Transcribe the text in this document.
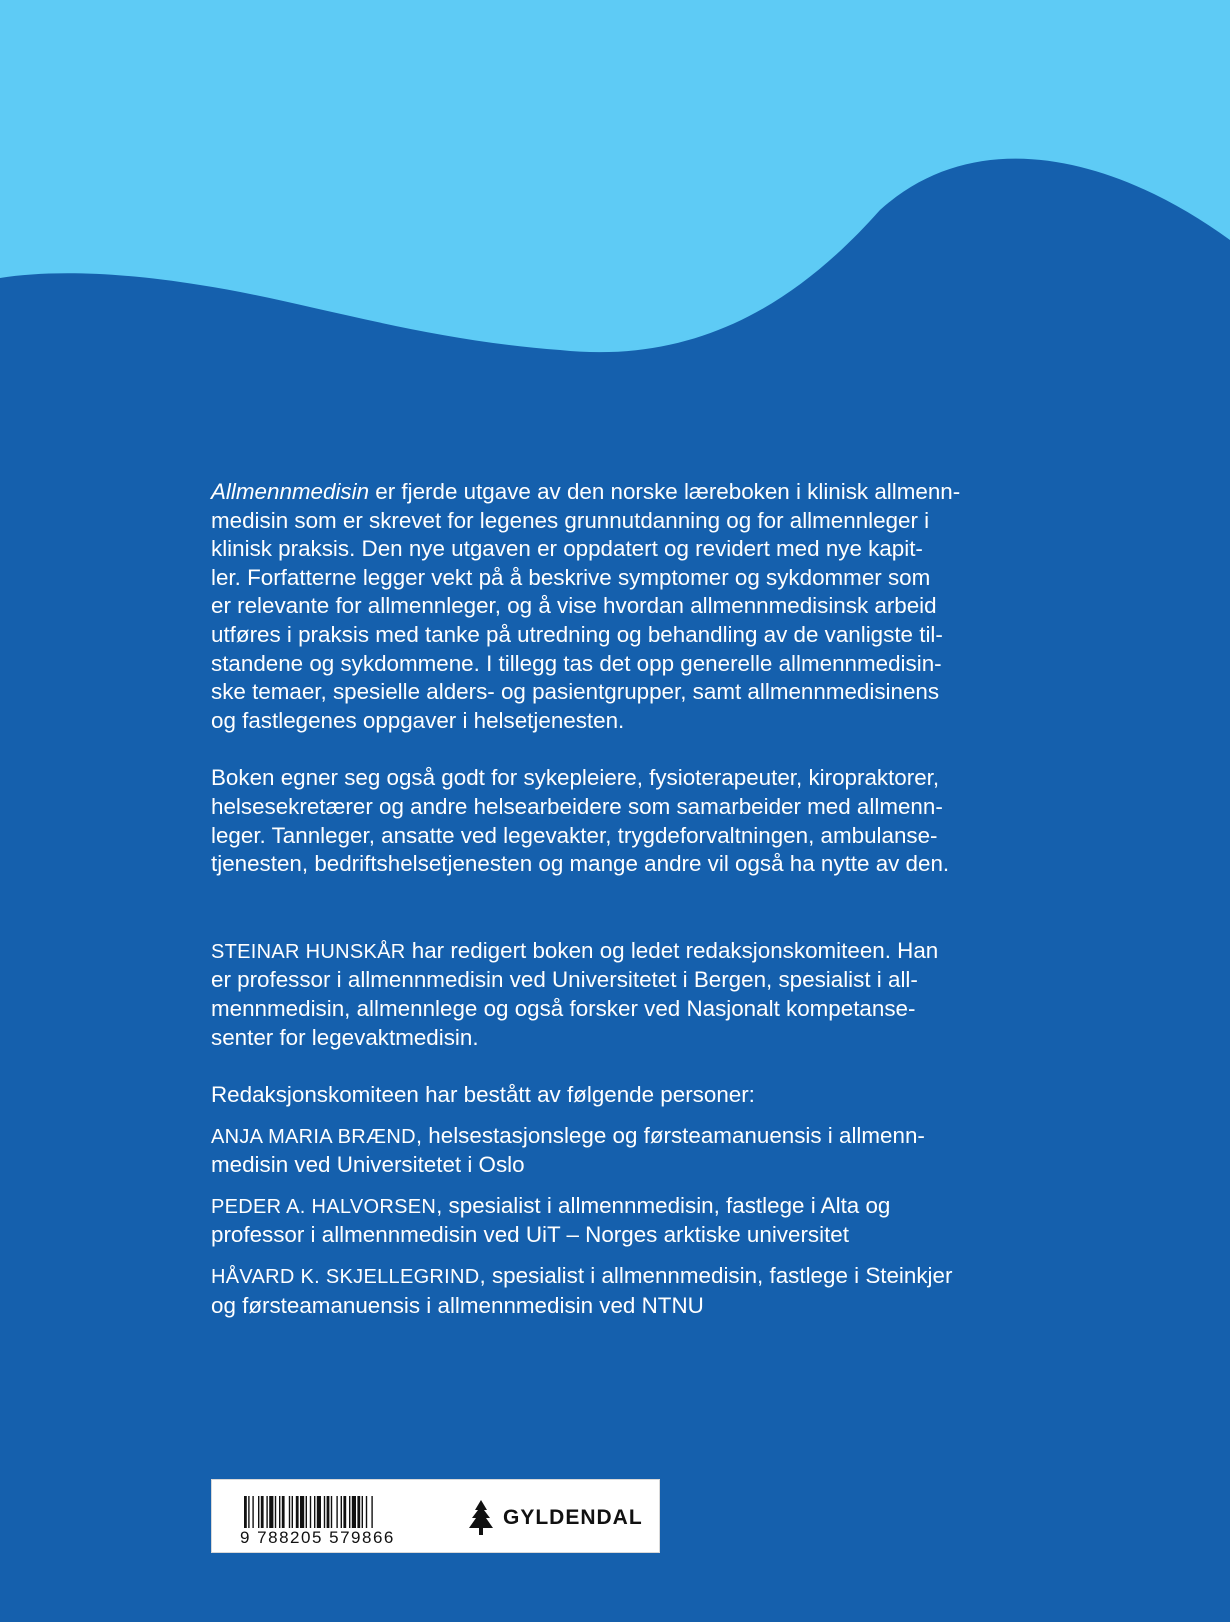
Allmennmedisin er fjerde utgave av den norske læreboken i klinisk allmenn-
medisin som er skrevet for legenes grunnutdanning og for allmennleger i
klinisk praksis. Den nye utgaven er oppdatert og revidert med nye kapit-
ler. Forfatterne legger vekt på å beskrive symptomer og sykdommer som
er relevante for allmennleger, og å vise hvordan allmennmedisinsk arbeid
utføres i praksis med tanke på utredning og behandling av de vanligste til-
standene og sykdommene. I tillegg tas det opp generelle allmennmedisin-
ske temaer, spesielle alders- og pasientgrupper, samt allmennmedisinens
og fastlegenes oppgaver i helsetjenesten.
Boken egner seg også godt for sykepleiere, fysioterapeuter, kiropraktorer,
helsesekretærer og andre helsearbeidere som samarbeider med allmenn-
leger. Tannleger, ansatte ved legevakter, trygdeforvaltningen, ambulanse-
tjenesten, bedriftshelsetjenesten og mange andre vil også ha nytte av den.
STEINAR HUNSKÅR har redigert boken og ledet redaksjonskomiteen. Han
er professor i allmennmedisin ved Universitetet i Bergen, spesialist i all-
mennmedisin, allmennlege og også forsker ved Nasjonalt kompetanse-
senter for legevaktmedisin.
Redaksjonskomiteen har bestått av følgende personer:
ANJA MARIA BRÆND, helsestasjonslege og førsteamanuensis i allmenn-
medisin ved Universitetet i Oslo
PEDER A. HALVORSEN, spesialist i allmennmedisin, fastlege i Alta og
professor i allmennmedisin ved UiT – Norges arktiske universitet
HÅVARD K. SKJELLEGRIND, spesialist i allmennmedisin, fastlege i Steinkjer
og førsteamanuensis i allmennmedisin ved NTNU
9 788205 579866
GYLDENDAL
